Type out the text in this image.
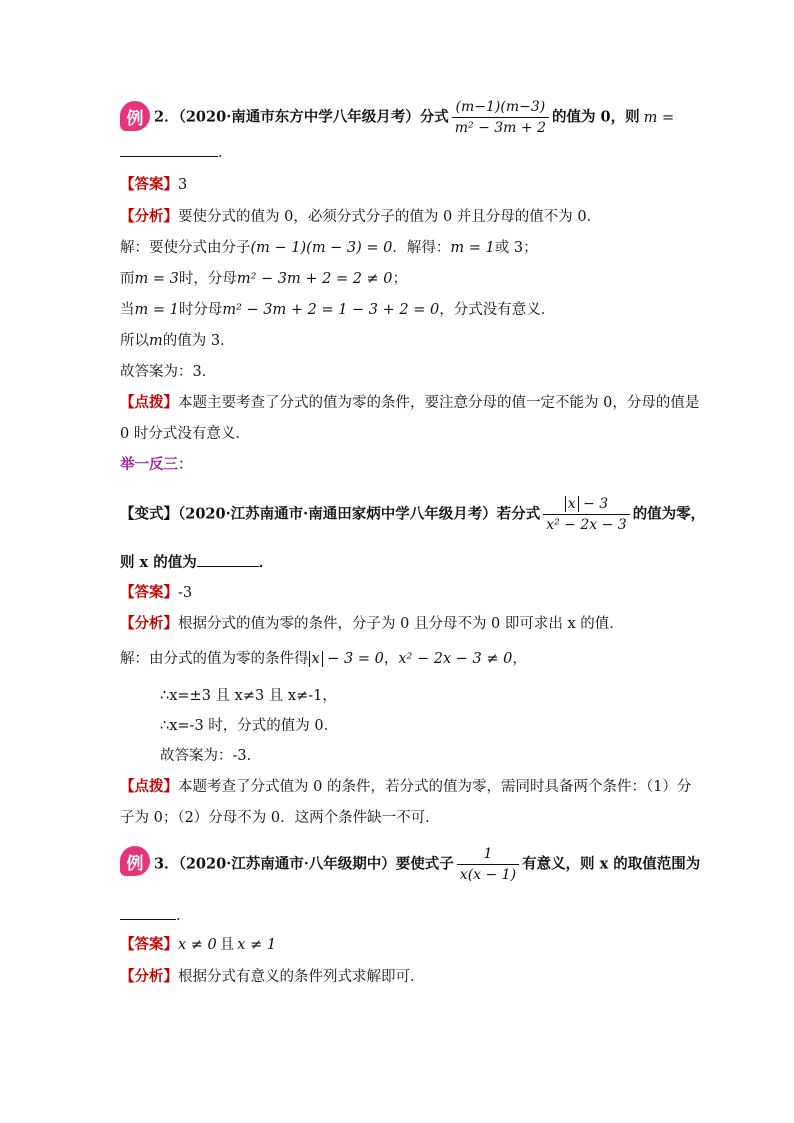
例 2．（2020·南通市东方中学八年级月考）分式 $\frac{(m-1)(m-3)}{\text{m² − 3m + 2}}$ 的值为 0，则 m =
.
【答案】3
【分析】要使分式的值为 0，必须分式分子的值为 0 并且分母的值不为 0．
解：要使分式由分子(m − 1)(m − 3) = 0．解得：m = 1或 3；
而m = 3时，分母m² − 3m + 2 = 2 ≠ 0；
当m = 1时分母m² − 3m + 2 = 1 − 3 + 2 = 0，分式没有意义．
所以m的值为 3．
故答案为：3．
【点拨】本题主要考查了分式的值为零的条件，要注意分母的值一定不能为 0，分母的值是
0 时分式没有意义．
举一反三：
【变式】（2020·江苏南通市·南通田家炳中学八年级月考）若分式 $\frac{x - 3}{\text{x² − 2x − 3}}$ 的值为零，
则 x 的值为	．
【答案】-3
【分析】根据分式的值为零的条件，分子为 0 且分母不为 0 即可求出 x 的值．
解：由分式的值为零的条件得 x − 3 = 0，x² − 2x − 3 ≠ 0，
∴x=±3 且 x≠3 且 x≠-1，
∴x=-3 时，分式的值为 0．
故答案为：-3．
【点拨】本题考查了分式值为 0 的条件，若分式的值为零，需同时具备两个条件：（1）分
子为 0；（2）分母不为 0．这两个条件缺一不可．
例 3．（2020·江苏南通市·八年级期中）要使式子 $\frac{1}{x(x - 1)}$ 有意义，则 x 的取值范围为
．
【答案】x ≠ 0 且 x ≠ 1
【分析】根据分式有意义的条件列式求解即可．
